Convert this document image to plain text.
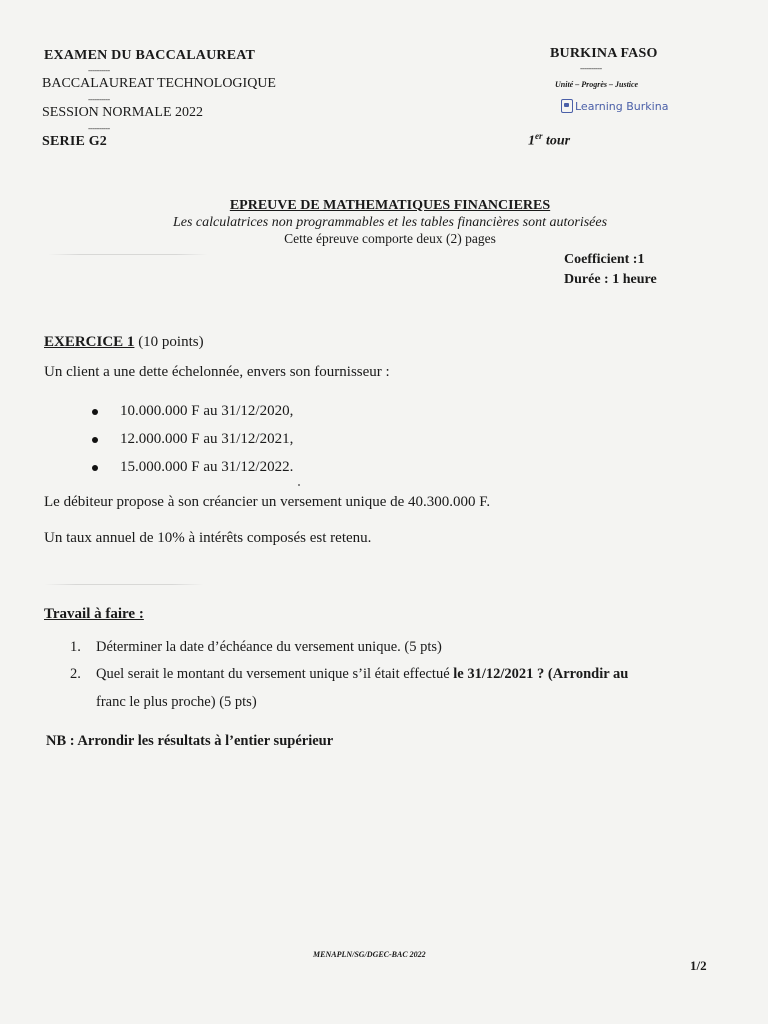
EXAMEN DU BACCALAUREAT
----------
BACCALAUREAT TECHNOLOGIQUE
----------
SESSION NORMALE 2022
----------
SERIE G2
BURKINA FASO
----------
Unité – Progrès – Justice
Learning Burkina
1er tour
EPREUVE DE MATHEMATIQUES FINANCIERES
Les calculatrices non programmables et les tables financières sont autorisées
Cette épreuve comporte deux (2) pages
Coefficient :1
Durée : 1 heure
EXERCICE 1 (10 points)
Un client a une dette échelonnée, envers son fournisseur :
10.000.000 F au 31/12/2020,
12.000.000 F au 31/12/2021,
15.000.000 F au 31/12/2022.
Le débiteur propose à son créancier un versement unique de 40.300.000 F.
Un taux annuel de 10% à intérêts composés est retenu.
Travail à faire :
1.	Déterminer la date d’échéance du versement unique. (5 pts)
2.	Quel serait le montant du versement unique s’il était effectué le 31/12/2021 ? (Arrondir au
franc le plus proche) (5 pts)
NB : Arrondir les résultats à l’entier supérieur
MENAPLN/SG/DGEC-BAC 2022
1/2
